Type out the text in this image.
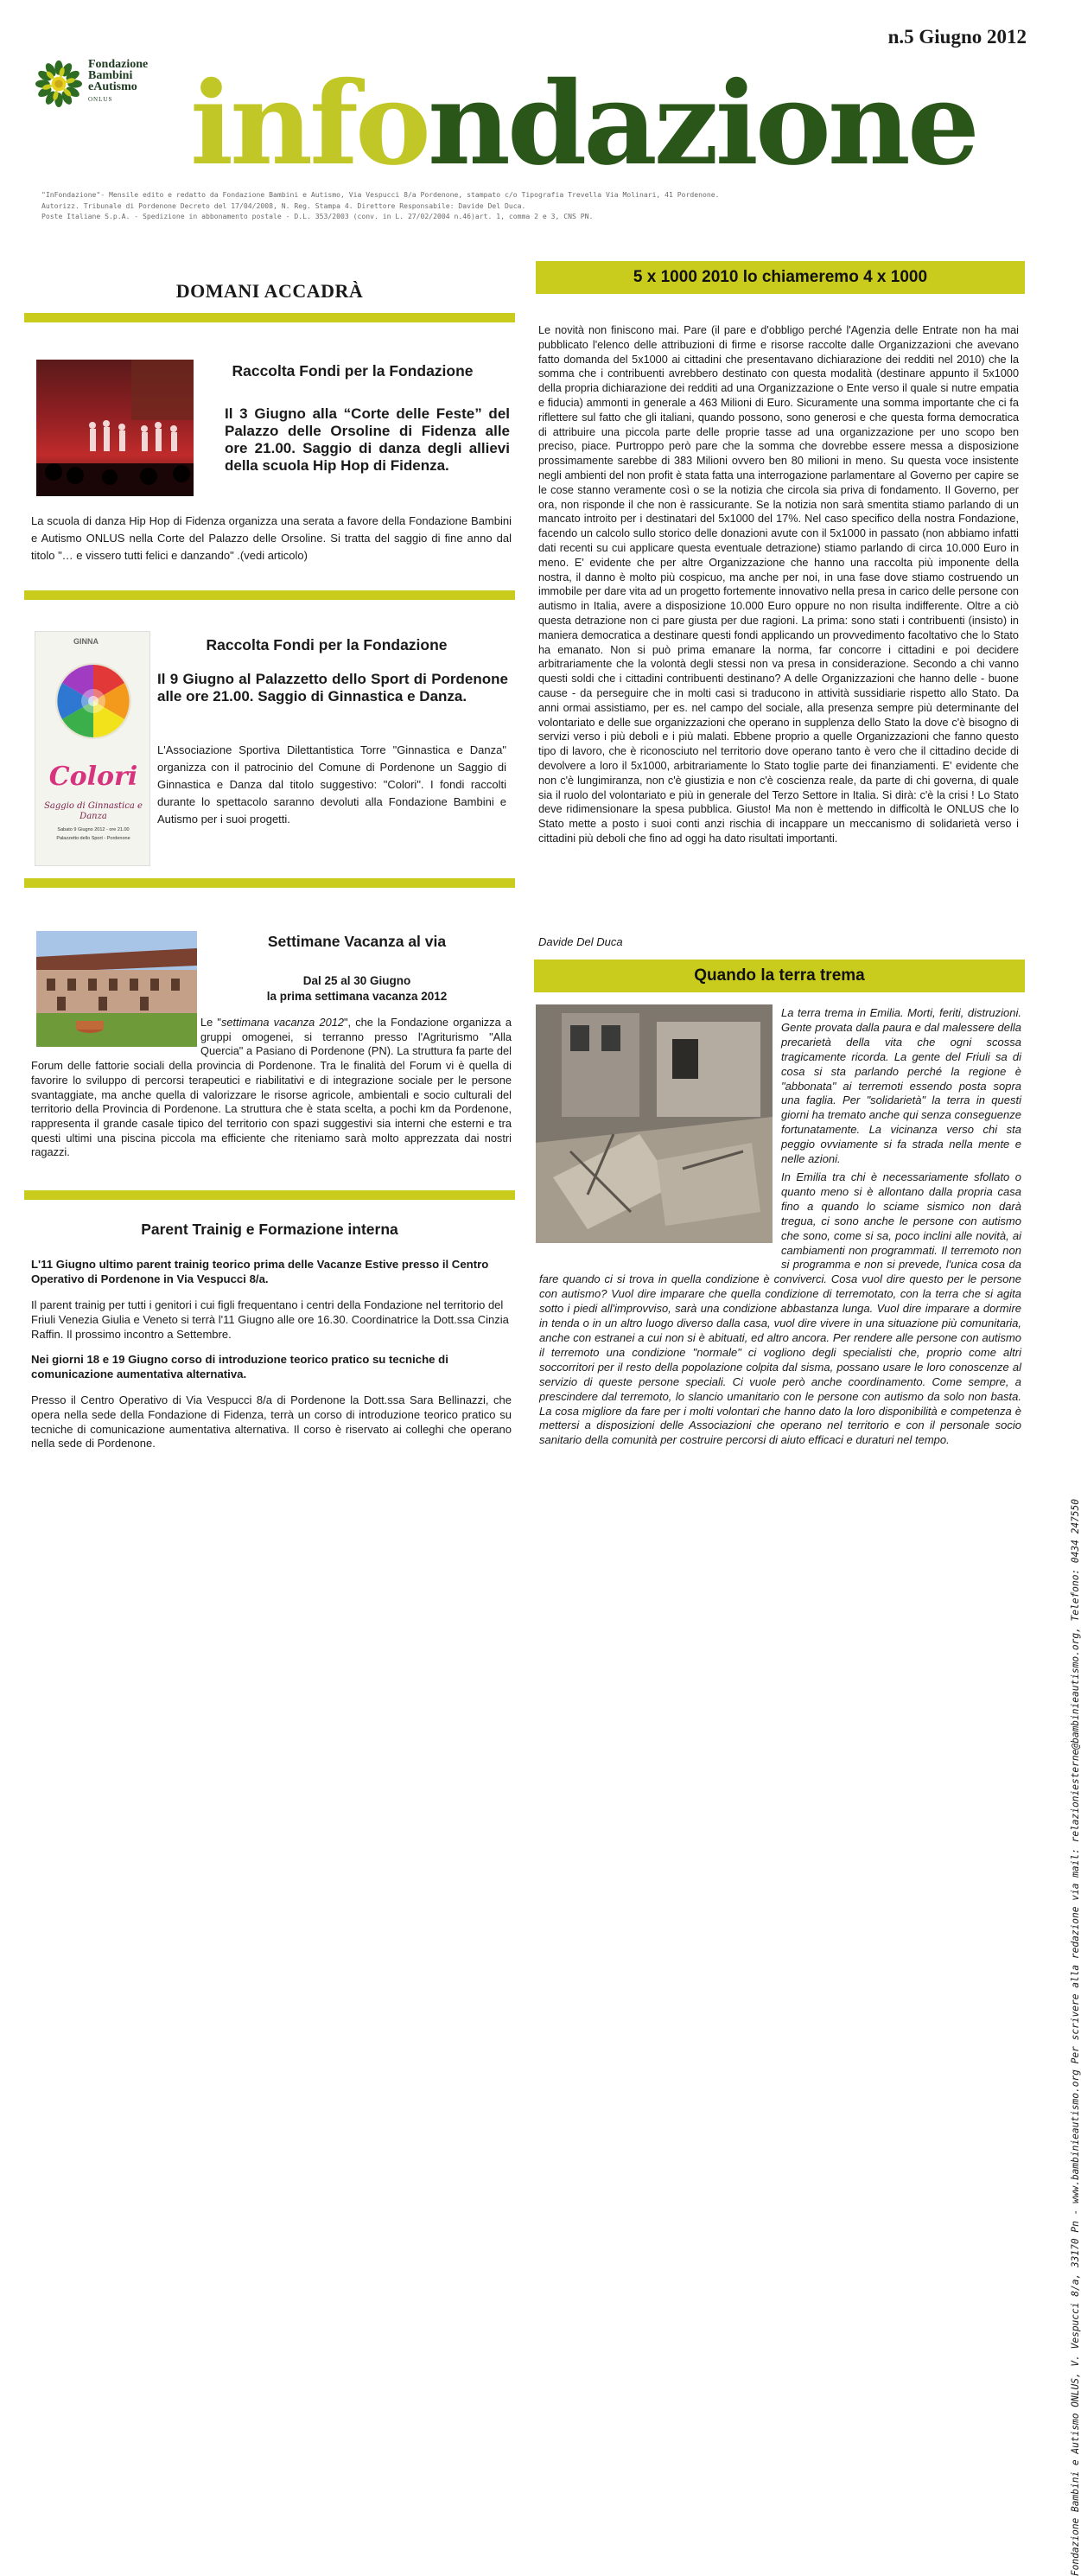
n.5 Giugno 2012
Fondazione
Bambini
eAutismo
ONLUS infondazione
"InFondazione"- Mensile edito e redatto da Fondazione Bambini e Autismo, Via Vespucci 8/a Pordenone, stampato c/o Tipografia Trevella Via Molinari, 41 Pordenone.
Autorizz. Tribunale di Pordenone Decreto del 17/04/2008, N. Reg. Stampa 4. Direttore Responsabile: Davide Del Duca.
Poste Italiane S.p.A. - Spedizione in abbonamento postale - D.L. 353/2003 (conv. in L. 27/02/2004 n.46)art. 1, comma 2 e 3, CNS PN.
Fondazione Bambini e Autismo ONLUS, V. Vespucci 8/a, 33170 Pn - www.bambinieautismo.org Per scrivere alla redazione via mail: relazioniesterne@bambinieautismo.org, Telefono: 0434 247550
DOMANI ACCADRÀ
Raccolta Fondi per la Fondazione
Il 3 Giugno alla “Corte delle Feste” del Palazzo delle Orsoline di Fidenza alle ore 21.00. Saggio di danza degli allievi della scuola Hip Hop di Fidenza.
La scuola di danza Hip Hop di Fidenza organizza una serata a favore della Fondazione Bambini e Autismo ONLUS nella Corte del Palazzo delle Orsoline. Si tratta del saggio di fine anno dal titolo "… e vissero tutti felici e danzando" .(vedi articolo)
GINNA
Colori
Saggio di Ginnastica e Danza
Sabato 9 Giugno 2012 - ore 21.00
Palazzetto dello Sport - Pordenone
Raccolta Fondi per la Fondazione
Il 9 Giugno al Palazzetto dello Sport di Pordenone alle ore 21.00. Saggio di Ginnastica e Danza.
L'Associazione Sportiva Dilettantistica Torre "Ginnastica e Danza" organizza con il patrocinio del Comune di Pordenone un Saggio di Ginnastica e Danza dal titolo suggestivo: "Colori". I fondi raccolti durante lo spettacolo saranno devoluti alla Fondazione Bambini e Autismo per i suoi progetti.
Settimane Vacanza al via
Dal 25 al 30 Giugno
la prima settimana vacanza 2012
Le "settimana vacanza 2012", che la Fondazione organizza a gruppi omogenei, si terranno presso l'Agriturismo "Alla Quercia" a Pasiano di Pordenone (PN). La struttura fa parte del Forum delle fattorie sociali della provincia di Pordenone. Tra le finalità del Forum vi è quella di favorire lo sviluppo di percorsi terapeutici e riabilitativi e di integrazione sociale per le persone svantaggiate, ma anche quella di valorizzare le risorse agricole, ambientali e socio culturali del territorio della Provincia di Pordenone. La struttura che è stata scelta, a pochi km da Pordenone, rappresenta il grande casale tipico del territorio con spazi suggestivi sia interni che esterni e tra questi ultimi una piscina piccola ma efficiente che riteniamo sarà molto apprezzata dai nostri ragazzi.
Parent Trainig e Formazione interna
L'11 Giugno ultimo parent trainig teorico prima delle Vacanze Estive presso il Centro Operativo di Pordenone in Via Vespucci 8/a.
Il parent trainig per tutti i genitori i cui figli frequentano i centri della Fondazione nel territorio del Friuli Venezia Giulia e Veneto si terrà l'11 Giugno alle ore 16.30. Coordinatrice la Dott.ssa Cinzia Raffin. Il prossimo incontro a Settembre.
Nei giorni 18 e 19 Giugno corso di introduzione teorico pratico su tecniche di comunicazione aumentativa alternativa.
Presso il Centro Operativo di Via Vespucci 8/a di Pordenone la Dott.ssa Sara Bellinazzi, che opera nella sede della Fondazione di Fidenza, terrà un corso di introduzione teorico pratico su tecniche di comunicazione aumentativa alternativa. Il corso è riservato ai colleghi che operano nella sede di Pordenone.
5 x 1000 2010 lo chiameremo 4 x 1000
Le novità non finiscono mai. Pare (il pare e d'obbligo perché l'Agenzia delle Entrate non ha mai pubblicato l'elenco delle attribuzioni di firme e risorse raccolte dalle Organizzazioni che avevano fatto domanda del 5x1000 ai cittadini che presentavano dichiarazione dei redditi nel 2010) che la somma che i contribuenti avrebbero destinato con questa modalità (destinare appunto il 5x1000 della propria dichiarazione dei redditi ad una Organizzazione o Ente verso il quale si nutre empatia e fiducia) ammonti in generale a 463 Milioni di Euro. Sicuramente una somma importante che ci fa riflettere sul fatto che gli italiani, quando possono, sono generosi e che questa forma democratica di attribuire una piccola parte delle proprie tasse ad una organizzazione per uno scopo ben preciso, piace. Purtroppo però pare che la somma che dovrebbe essere messa a disposizione prossimamente sarebbe di 383 Milioni ovvero ben 80 milioni in meno. Su questa voce insistente negli ambienti del non profit è stata fatta una interrogazione parlamentare al Governo per capire se le cose stanno veramente così o se la notizia che circola sia priva di fondamento. Il Governo, per ora, non risponde il che non è rassicurante. Se la notizia non sarà smentita stiamo parlando di un mancato introito per i destinatari del 5x1000 del 17%. Nel caso specifico della nostra Fondazione, facendo un calcolo sullo storico delle donazioni avute con il 5x1000 in passato (non abbiamo infatti dati recenti su cui applicare questa eventuale detrazione) stiamo parlando di circa 10.000 Euro in meno. E' evidente che per altre Organizzazione che hanno una raccolta più imponente della nostra, il danno è molto più cospicuo, ma anche per noi, in una fase dove stiamo costruendo un immobile per dare vita ad un progetto fortemente innovativo nella presa in carico delle persone con autismo in Italia, avere a disposizione 10.000 Euro oppure no non risulta indifferente. Oltre a ciò questa detrazione non ci pare giusta per due ragioni. La prima: sono stati i contribuenti (insisto) in maniera democratica a destinare questi fondi applicando un provvedimento facoltativo che lo Stato ha emanato. Non si può prima emanare la norma, far concorre i cittadini e poi decidere arbitrariamente che la volontà degli stessi non va presa in considerazione. Secondo a chi vanno questi soldi che i cittadini contribuenti destinano? A delle Organizzazioni che hanno delle - buone cause - da perseguire che in molti casi si traducono in attività sussidiarie rispetto allo Stato. Da anni ormai assistiamo, per es. nel campo del sociale, alla presenza sempre più determinante del volontariato e delle sue organizzazioni che operano in supplenza dello Stato la dove c'è bisogno di servizi verso i più deboli e i più malati. Ebbene proprio a quelle Organizzazioni che fanno questo tipo di lavoro, che è riconosciuto nel territorio dove operano tanto è vero che il cittadino decide di devolvere a loro il 5x1000, arbitrariamente lo Stato toglie parte dei finanziamenti. E' evidente che non c'è lungimiranza, non c'è giustizia e non c'è coscienza reale, da parte di chi governa, di quale sia il ruolo del volontariato e più in generale del Terzo Settore in Italia. Si dirà: c'è la crisi ! Lo Stato deve ridimensionare la spesa pubblica. Giusto! Ma non è mettendo in difficoltà le ONLUS che lo Stato mette a posto i suoi conti anzi rischia di incappare un meccanismo di solidarietà verso i cittadini più deboli che fino ad oggi ha dato risultati importanti.
Davide Del Duca
Quando la terra trema
La terra trema in Emilia. Morti, feriti, distruzioni. Gente provata dalla paura e dal malessere della precarietà della vita che ogni scossa tragicamente ricorda. La gente del Friuli sa di cosa si sta parlando perché la regione è "abbonata" ai terremoti essendo posta sopra una faglia. Per "solidarietà" la terra in questi giorni ha tremato anche qui senza conseguenze fortunatamente. La vicinanza verso chi sta peggio ovviamente si fa strada nella mente e nelle azioni.
In Emilia tra chi è necessariamente sfollato o quanto meno si è allontano dalla propria casa fino a quando lo sciame sismico non darà tregua, ci sono anche le persone con autismo che sono, come si sa, poco inclini alle novità, ai cambiamenti non programmati. Il terremoto non si programma e non si prevede, l'unica cosa da fare quando ci si trova in quella condizione è conviverci. Cosa vuol dire questo per le persone con autismo? Vuol dire imparare che quella condizione di terremotato, con la terra che si agita sotto i piedi all'improvviso, sarà una condizione abbastanza lunga. Vuol dire imparare a dormire in tenda o in un altro luogo diverso dalla casa, vuol dire vivere in una situazione più comunitaria, anche con estranei a cui non si è abituati, ed altro ancora. Per rendere alle persone con autismo il terremoto una condizione "normale" ci vogliono degli specialisti che, proprio come altri soccorritori per il resto della popolazione colpita dal sisma, possano usare le loro conoscenze al servizio di queste persone speciali. Ci vuole però anche coordinamento. Come sempre, a prescindere dal terremoto, lo slancio umanitario con le persone con autismo da solo non basta. La cosa migliore da fare per i molti volontari che hanno dato la loro disponibilità e competenza è mettersi a disposizioni delle Associazioni che operano nel territorio e con il personale socio sanitario della comunità per costruire percorsi di aiuto efficaci e duraturi nel tempo.
